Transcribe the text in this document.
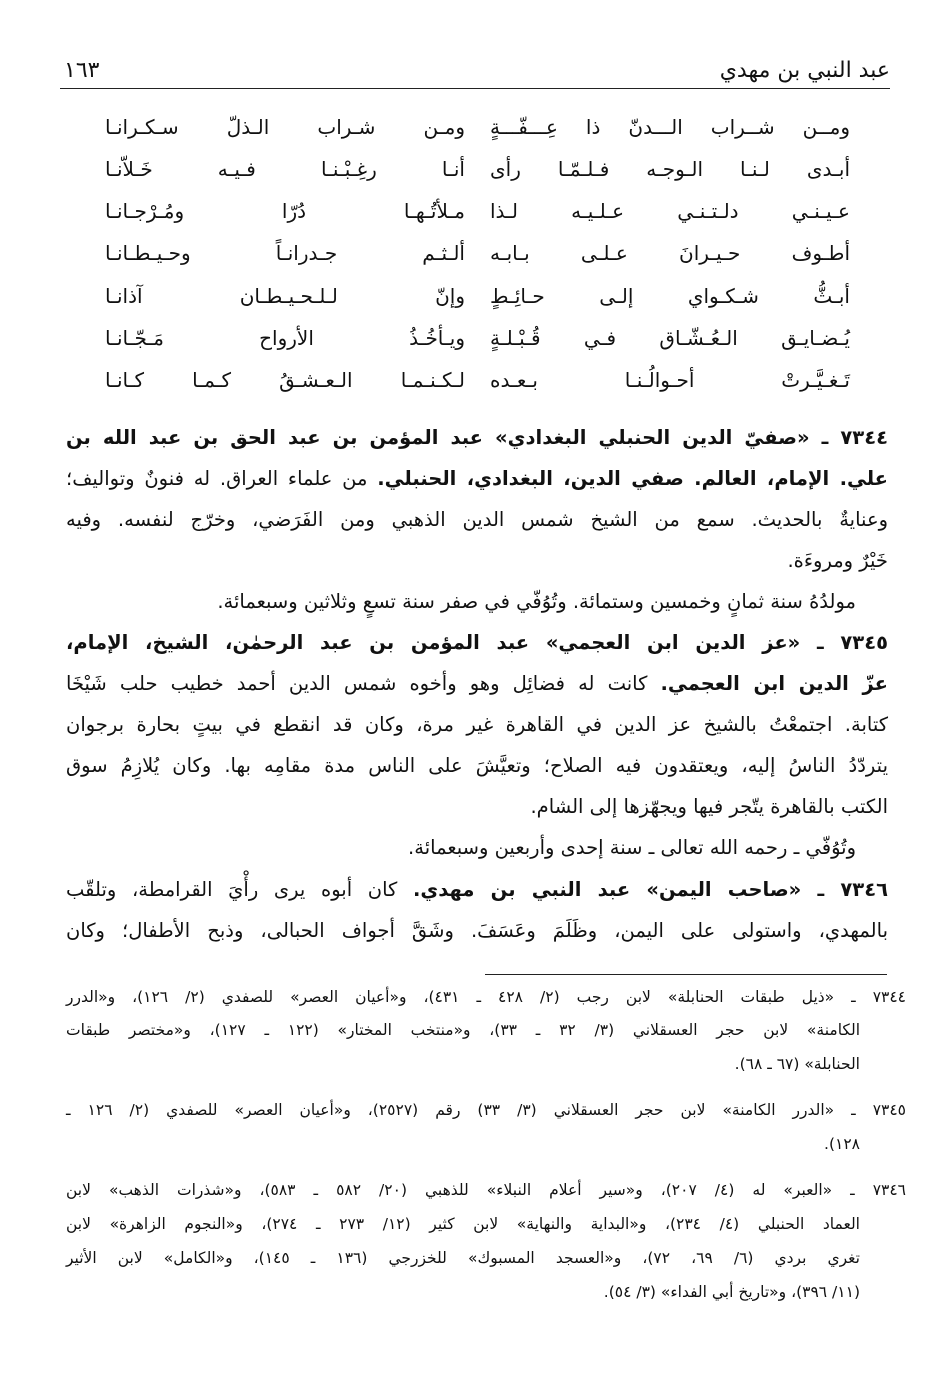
عبد النبي بن مهدي
١٦٣
ومــن شــراب الـــدنّ ذا عِـــفّـــةٍ
ومـن شـراب الـذلّ سـكـرانـا
أبـدى لـنـا الـوجـه فـلـمّـا رأى
أنـا رغِـبْـنـا فـيـه خَـلاّنـا
عـيـنـي دلـتـنـي عـلـيـه لـذا
مـلأتُـهـا دُرّا ومُـرْجـانـا
أطـوف حـيـرانَ عـلـى بـابـه
ألـثـم جـدرانـاً وحـيـطـانـا
أبـثُّ شـكـواي إلـى حـائِـطٍ
وإنّ لـلـحـيـطـان آذانـا
يُـضـايـق الـعُـشّـاق فـي قُـبْـلـةٍ
ويـأخُـذُ الأرواح مَـجّـانـا
تَـغـيَّـرتْ أحـوالُـنـا بـعـده
لـكـنـمـا الـعـشـقُ كـمـا كـانـا
٧٣٤٤ ـ «صفيّ الدين الحنبلي البغدادي» عبد المؤمن بن عبد الحق بن عبد الله بن
علي. الإمام، العالم. صفي الدين، البغدادي، الحنبلي. من علماء العراق. له فنونٌ وتواليف؛
وعنايةٌ بالحديث. سمع من الشيخ شمس الدين الذهبي ومن الفَرَضي، وخرّج لنفسه. وفيه
خَيْرٌ ومروءَة.
مولدُهُ سنة ثمانٍ وخمسين وستمائة. وتُوُفّي في صفر سنة تسعٍ وثلاثين وسبعمائة.
٧٣٤٥ ـ «عز الدين ابن العجمي» عبد المؤمن بن عبد الرحمٰن، الشيخ، الإمام،
عزّ الدين ابن العجمي. كانت له فضائِل وهو وأخوه شمس الدين أحمد خطيب حلب شَيْخَا
كتابة. اجتمعْتُ بالشيخ عز الدين في القاهرة غير مرة، وكان قد انقطع في بيتٍ بحارة برجوان
يتردّدُ الناسُ إليه، ويعتقدون فيه الصلاح؛ وتعيَّشَ على الناس مدة مقامِه بها. وكان يُلازِمُ سوق
الكتب بالقاهرة يتّجر فيها ويجهّزها إلى الشام.
وتُوُفّي ـ رحمه الله تعالى ـ سنة إحدى وأربعين وسبعمائة.
٧٣٤٦ ـ «صاحب اليمن» عبد النبي بن مهدي. كان أبوه يرى رأْيَ القرامطة، وتلقّب
بالمهدي، واستولى على اليمن، وظَلَمَ وعَسَفَ. وشَقَّ أجواف الحبالى، وذبح الأطفال؛ وكان
٧٣٤٤ ـ «ذيل طبقات الحنابلة» لابن رجب (٢/ ٤٢٨ ـ ٤٣١)، و«أعيان العصر» للصفدي (٢/ ١٢٦)، و«الدرر
الكامنة» لابن حجر العسقلاني (٣/ ٣٢ ـ ٣٣)، و«منتخب المختار» (١٢٢ ـ ١٢٧)، و«مختصر طبقات
الحنابلة» (٦٧ ـ ٦٨).
٧٣٤٥ ـ «الدرر الكامنة» لابن حجر العسقلاني (٣/ ٣٣) رقم (٢٥٢٧)، و«أعيان العصر» للصفدي (٢/ ١٢٦ ـ
١٢٨).
٧٣٤٦ ـ «العبر» له (٤/ ٢٠٧)، و«سير أعلام النبلاء» للذهبي (٢٠/ ٥٨٢ ـ ٥٨٣)، و«شذرات الذهب» لابن
العماد الحنبلي (٤/ ٢٣٤)، و«البداية والنهاية» لابن كثير (١٢/ ٢٧٣ ـ ٢٧٤)، و«النجوم الزاهرة» لابن
تغري بردي (٦/ ٦٩، ٧٢)، و«العسجد المسبوك» للخزرجي (١٣٦ ـ ١٤٥)، و«الكامل» لابن الأثير
(١١/ ٣٩٦)، و«تاريخ أبي الفداء» (٣/ ٥٤).
